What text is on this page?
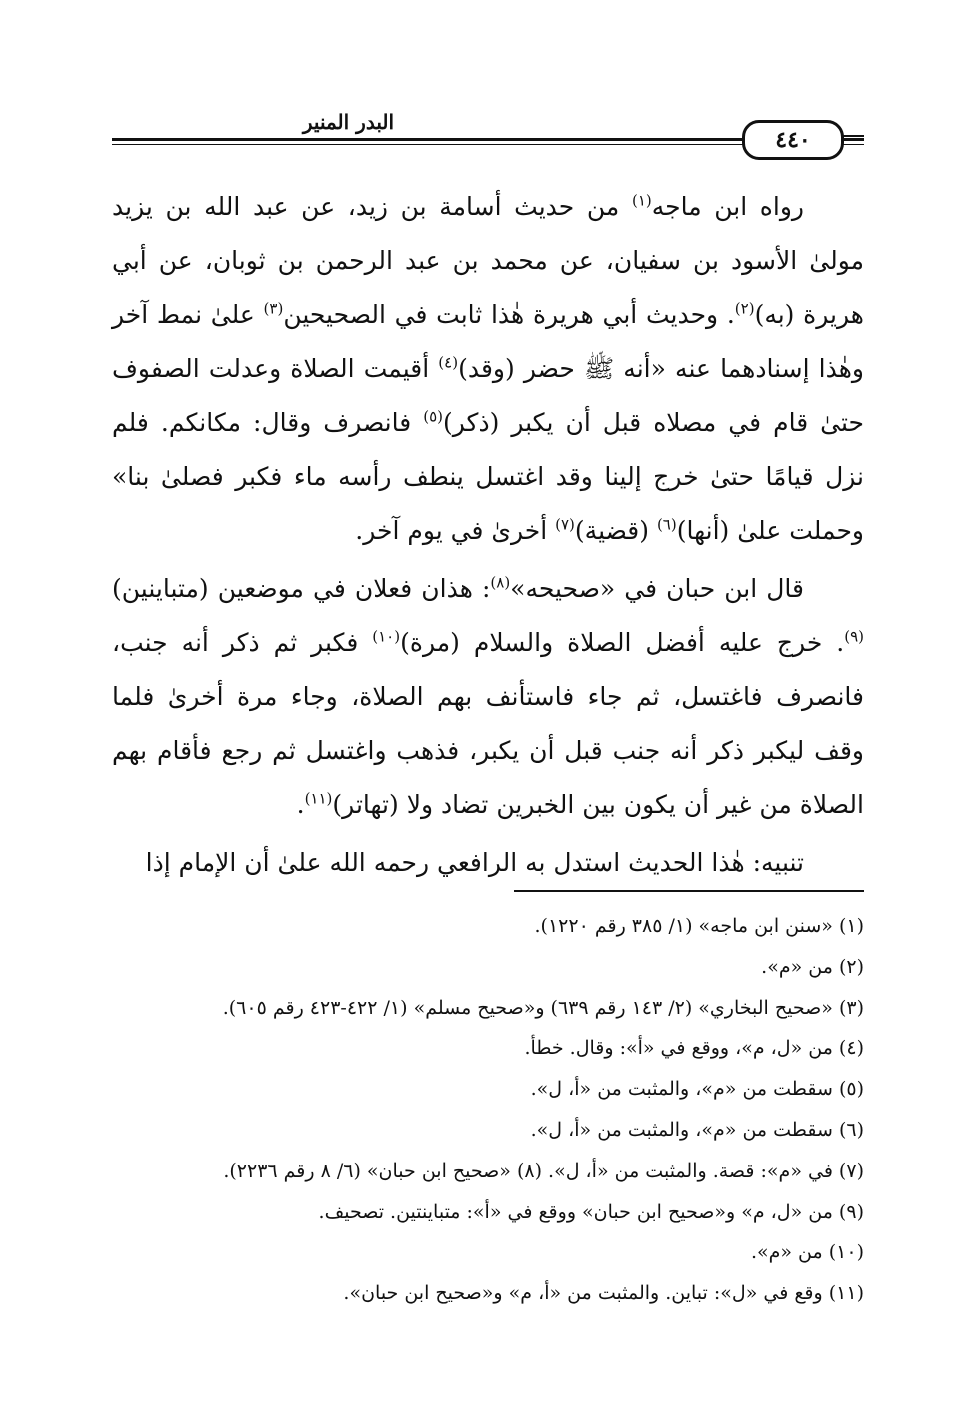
البدر المنير
٤٤٠

رواه ابن ماجه$^{(١)}$ من حديث أسامة بن زيد، عن عبد الله بن يزيد مولىٰ الأسود بن سفيان، عن محمد بن عبد الرحمن بن ثوبان، عن أبي هريرة (به)$^{(٢)}$. وحديث أبي هريرة هٰذا ثابت في الصحيحين$^{(٣)}$ علىٰ نمط آخر وهٰذا إسنادهما عنه «أنه ﷺ حضر (وقد)$^{(٤)}$ أقيمت الصلاة وعدلت الصفوف حتىٰ قام في مصلاه قبل أن يكبر (ذكر)$^{(٥)}$ فانصرف وقال: مكانكم. فلم نزل قيامًا حتىٰ خرج إلينا وقد اغتسل ينطف رأسه ماء فكبر فصلىٰ بنا» وحملت علىٰ (أنها)$^{(٦)}$ (قضية)$^{(٧)}$ أخرىٰ في يوم آخر.

قال ابن حبان في «صحيحه»$^{(٨)}$: هذان فعلان في موضعين (متباينين)$^{(٩)}$. خرج عليه أفضل الصلاة والسلام (مرة)$^{(١٠)}$ فكبر ثم ذكر أنه جنب، فانصرف فاغتسل، ثم جاء فاستأنف بهم الصلاة، وجاء مرة أخرىٰ فلما وقف ليكبر ذكر أنه جنب قبل أن يكبر، فذهب واغتسل ثم رجع فأقام بهم الصلاة من غير أن يكون بين الخبرين تضاد ولا (تهاتر)$^{(١١)}$.

تنبيه: هٰذا الحديث استدل به الرافعي رحمه الله علىٰ أن الإمام إذا

(١) «سنن ابن ماجه» (١/ ٣٨٥ رقم ١٢٢٠).
(٢) من «م».
(٣) «صحيح البخاري» (٢/ ١٤٣ رقم ٦٣٩) و«صحيح مسلم» (١/ ٤٢٢-٤٢٣ رقم ٦٠٥).
(٤) من «ل، م»، ووقع في «أ»: وقال. خطأ.
(٥) سقطت من «م»، والمثبت من «أ، ل».
(٦) سقطت من «م»، والمثبت من «أ، ل».
(٧) في «م»: قصة. والمثبت من «أ، ل». (٨) «صحيح ابن حبان» (٦/ ٨ رقم ٢٢٣٦).
(٩) من «ل، م» و«صحيح ابن حبان» ووقع في «أ»: متباينتين. تصحيف.
(١٠) من «م».
(١١) وقع في «ل»: تباين. والمثبت من «أ، م» و«صحيح ابن حبان».
